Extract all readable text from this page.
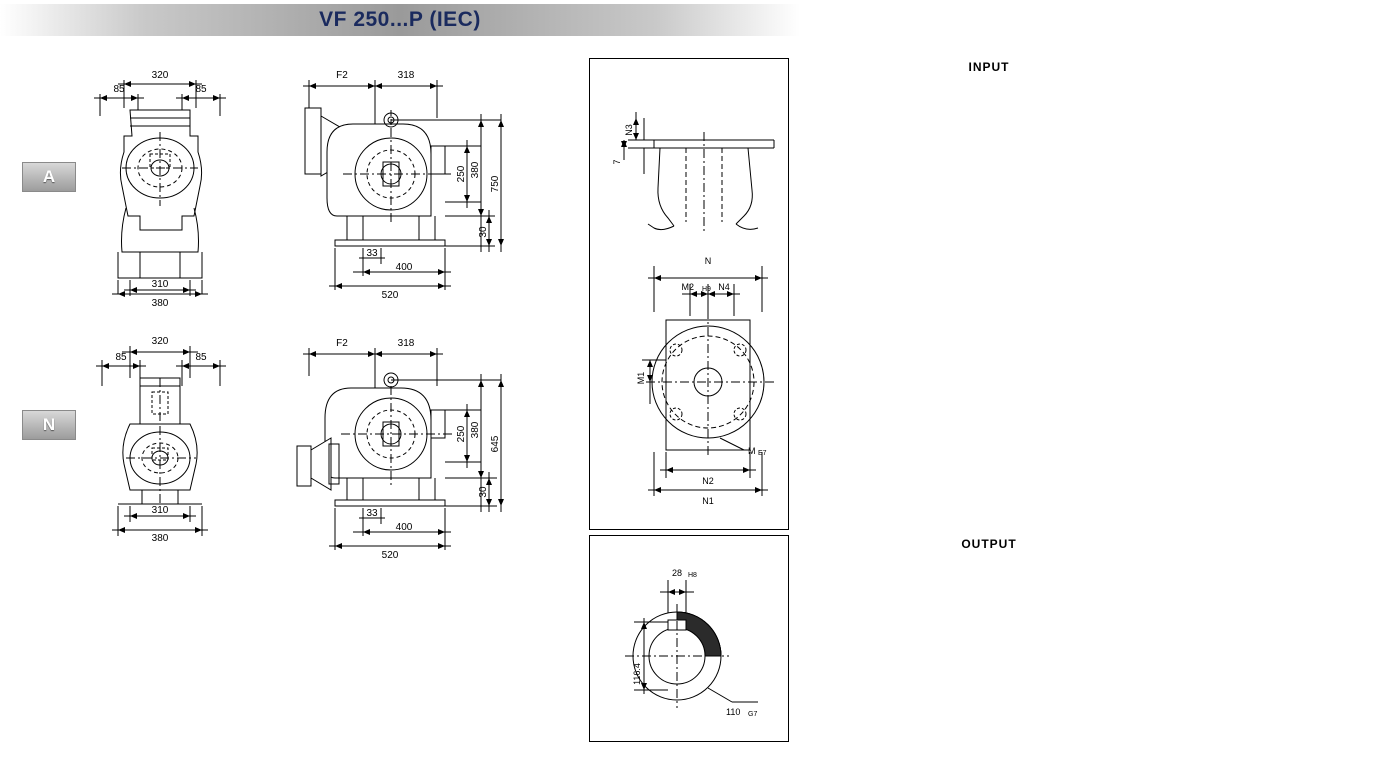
VF 250...P (IEC)
A
N
320
85	85
310
380
F2	318
33
400
520
250 380
30
750
320
85	85
310
380
F2	318
33
400
520
250 380
30
645
INPUT
N3
7
N
M2 H9 N4
M1
M E7
N2
N1
OUTPUT
28 H8
116.4
110 G7
